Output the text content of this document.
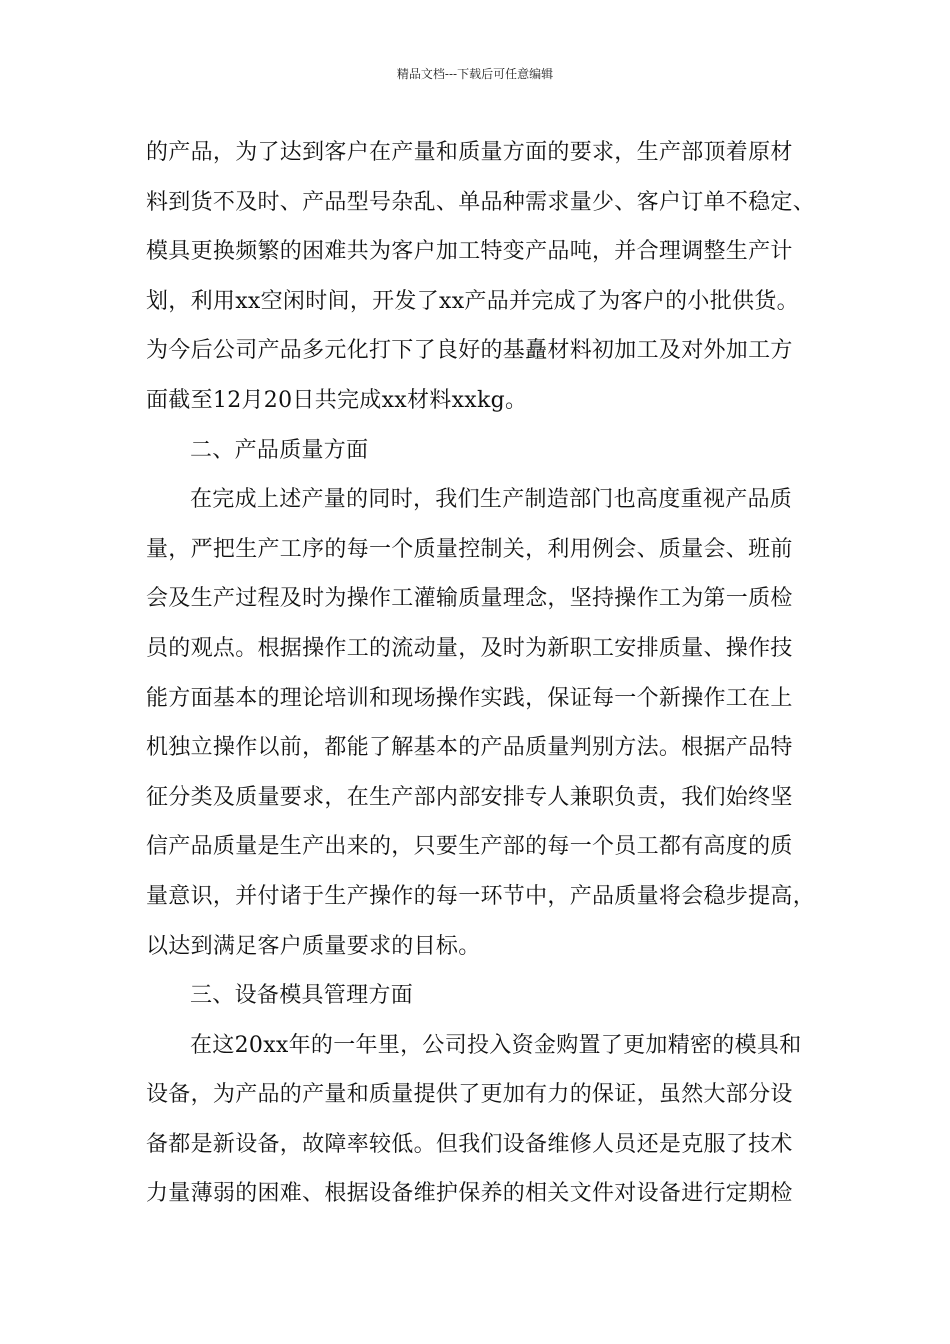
精品文档---下载后可任意编辑
的产品，为了达到客户在产量和质量方面的要求，生产部顶着原材
料到货不及时、产品型号杂乱、单品种需求量少、客户订单不稳定、
模具更换频繁的困难共为客户加工特变产品吨，并合理调整生产计
划，利用xx空闲时间，开发了xx产品并完成了为客户的小批供货。
为今后公司产品多元化打下了良好的基矗材料初加工及对外加工方
面截至12月20日共完成xx材料xxkg。
二、产品质量方面
在完成上述产量的同时，我们生产制造部门也高度重视产品质
量，严把生产工序的每一个质量控制关，利用例会、质量会、班前
会及生产过程及时为操作工灌输质量理念，坚持操作工为第一质检
员的观点。根据操作工的流动量，及时为新职工安排质量、操作技
能方面基本的理论培训和现场操作实践，保证每一个新操作工在上
机独立操作以前，都能了解基本的产品质量判别方法。根据产品特
征分类及质量要求，在生产部内部安排专人兼职负责，我们始终坚
信产品质量是生产出来的，只要生产部的每一个员工都有高度的质
量意识，并付诸于生产操作的每一环节中，产品质量将会稳步提高，
以达到满足客户质量要求的目标。
三、设备模具管理方面
在这20xx年的一年里，公司投入资金购置了更加精密的模具和
设备，为产品的产量和质量提供了更加有力的保证，虽然大部分设
备都是新设备，故障率较低。但我们设备维修人员还是克服了技术
力量薄弱的困难、根据设备维护保养的相关文件对设备进行定期检
